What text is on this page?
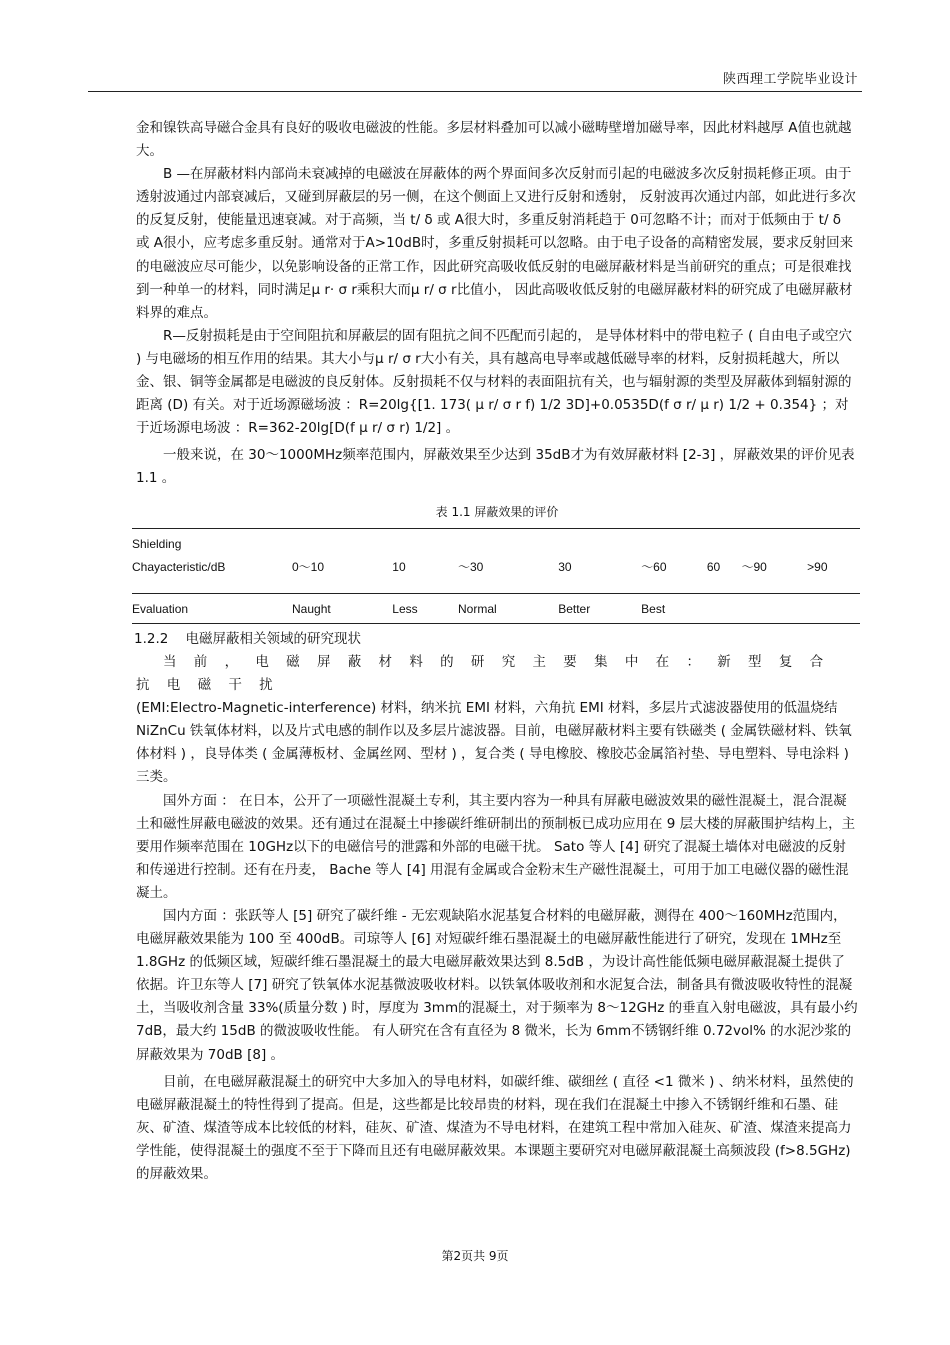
陕西理工学院毕业设计

金和镍铁高导磁合金具有良好的吸收电磁波的性能。多层材料叠加可以减小磁畴壁增加磁导率，因此材料越厚 A值也就越大。

B —在屏蔽材料内部尚未衰减掉的电磁波在屏蔽体的两个界面间多次反射而引起的电磁波多次反射损耗修正项。由于透射波通过内部衰减后，又碰到屏蔽层的另一侧，在这个侧面上又进行反射和透射， 反射波再次通过内部，如此进行多次的反复反射，使能量迅速衰减。对于高频，当 t/ δ 或 A很大时，多重反射消耗趋于 0可忽略不计；而对于低频由于 t/ δ 或 A很小，应考虑多重反射。通常对于A>10dB时，多重反射损耗可以忽略。由于电子设备的高精密发展，要求反射回来的电磁波应尽可能少，以免影响设备的正常工作，因此研究高吸收低反射的电磁屏蔽材料是当前研究的重点；可是很难找到一种单一的材料，同时满足μ r· σ r乘积大而μ r/ σ r比值小， 因此高吸收低反射的电磁屏蔽材料的研究成了电磁屏蔽材料界的难点。

R—反射损耗是由于空间阻抗和屏蔽层的固有阻抗之间不匹配而引起的， 是导体材料中的带电粒子 ( 自由电子或空穴 ) 与电磁场的相互作用的结果。其大小与μ r/ σ r大小有关，具有越高电导率或越低磁导率的材料，反射损耗越大，所以金、银、铜等金属都是电磁波的良反射体。反射损耗不仅与材料的表面阻抗有关，也与辐射源的类型及屏蔽体到辐射源的距离 (D) 有关。对于近场源磁场波 ：R=20lg{[1. 173( μ r/ σ r f) 1/2 3D]+0.0535D(f σ r/ μ r) 1/2 + 0.354} ；对于近场源电场波 ：R=362-20lg[D(f μ r/ σ r) 1/2] 。

一般来说，在 30～1000MHz频率范围内，屏蔽效果至少达到 35dB才为有效屏蔽材料 [2-3] ，屏蔽效果的评价见表 1.1 。

表 1.1 屏蔽效果的评价
Shielding
Chayacteristic/dB	0～10	10	～30	30	～60	60	～90	>90
Evaluation	Naught	Less	Normal	Better	Best			
1.2.2 电磁屏蔽相关领域的研究现状

当 前 ， 电 磁 屏 蔽 材 料 的 研 究 主 要 集 中 在 ： 新 型 复 合 抗 电 磁 干 扰

(EMI:Electro-Magnetic-interference) 材料，纳米抗 EMI 材料，六角抗 EMI 材料，多层片式滤波器使用的低温烧结 NiZnCu 铁氧体材料，以及片式电感的制作以及多层片滤波器。目前，电磁屏蔽材料主要有铁磁类 ( 金属铁磁材料、铁氧体材料 ) ，良导体类 ( 金属薄板材、金属丝网、型材 ) ，复合类 ( 导电橡胶、橡胶芯金属箔衬垫、导电塑料、导电涂料 ) 三类。

国外方面 ： 在日本，公开了一项磁性混凝土专利，其主要内容为一种具有屏蔽电磁波效果的磁性混凝土，混合混凝土和磁性屏蔽电磁波的效果。还有通过在混凝土中掺碳纤维研制出的预制板已成功应用在 9 层大楼的屏蔽围护结构上，主要用作频率范围在 10GHz以下的电磁信号的泄露和外部的电磁干扰。 Sato 等人 [4] 研究了混凝土墙体对电磁波的反射和传递进行控制。还有在丹麦， Bache 等人 [4] 用混有金属或合金粉末生产磁性混凝土，可用于加工电磁仪器的磁性混凝土。

国内方面 ：张跃等人 [5] 研究了碳纤维 - 无宏观缺陷水泥基复合材料的电磁屏蔽，测得在 400～160MHz范围内，电磁屏蔽效果能为 100 至 400dB。司琼等人 [6] 对短碳纤维石墨混凝土的电磁屏蔽性能进行了研究，发现在 1MHz至 1.8GHz 的低频区域，短碳纤维石墨混凝土的最大电磁屏蔽效果达到 8.5dB ，为设计高性能低频电磁屏蔽混凝土提供了依据。许卫东等人 [7] 研究了铁氧体水泥基微波吸收材料。以铁氧体吸收剂和水泥复合法，制备具有微波吸收特性的混凝土，当吸收剂含量 33%(质量分数 ) 时，厚度为 3mm的混凝土，对于频率为 8～12GHz 的垂直入射电磁波，具有最小约 7dB，最大约 15dB 的微波吸收性能。 有人研究在含有直径为 8 微米，长为 6mm不锈钢纤维 0.72vol% 的水泥沙浆的屏蔽效果为 70dB [8] 。

目前，在电磁屏蔽混凝土的研究中大多加入的导电材料，如碳纤维、碳细丝 ( 直径 <1 微米 ) 、纳米材料，虽然使的电磁屏蔽混凝土的特性得到了提高。但是，这些都是比较昂贵的材料，现在我们在混凝土中掺入不锈钢纤维和石墨、硅灰、矿渣、煤渣等成本比较低的材料，硅灰、矿渣、煤渣为不导电材料，在建筑工程中常加入硅灰、矿渣、煤渣来提高力学性能，使得混凝土的强度不至于下降而且还有电磁屏蔽效果。本课题主要研究对电磁屏蔽混凝土高频波段 (f>8.5GHz) 的屏蔽效果。

第2页共 9页
